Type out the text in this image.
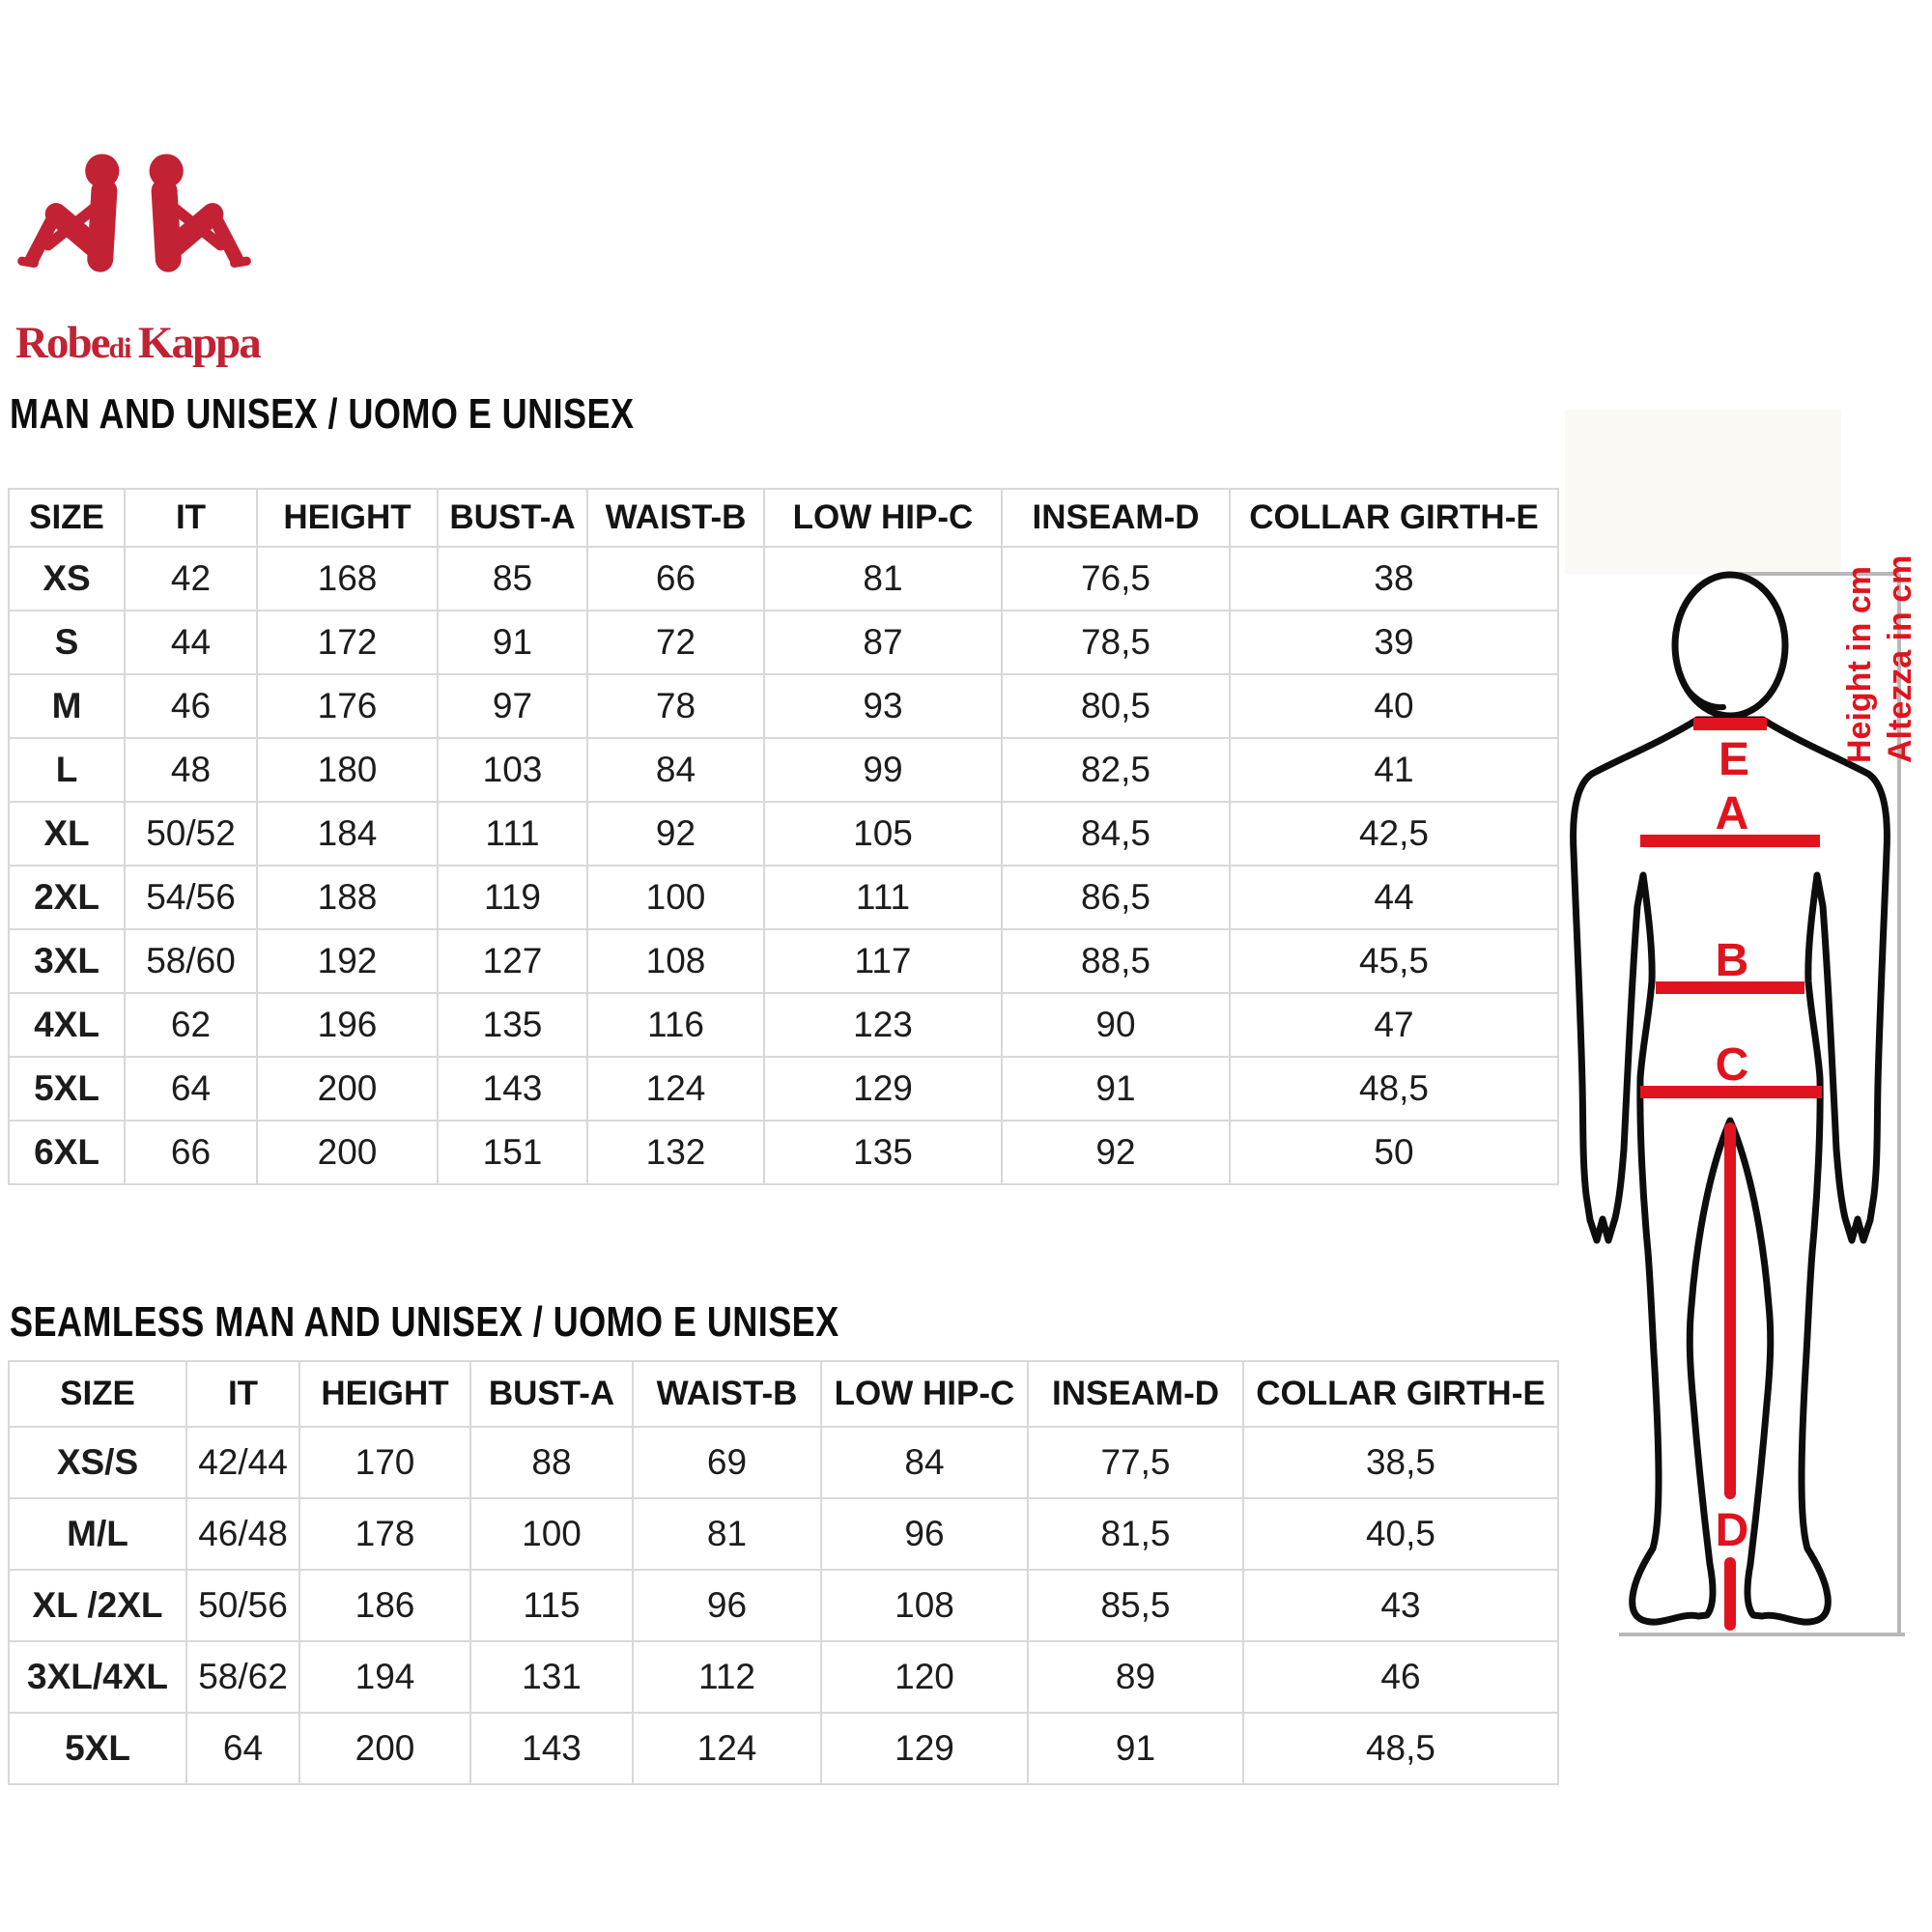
Robedi  Kappa
MAN AND UNISEX / UOMO E UNISEX
SEAMLESS MAN AND UNISEX / UOMO E UNISEX
SIZE	IT	HEIGHT	BUST-A	WAIST-B	LOW HIP-C	INSEAM-D	COLLAR GIRTH-E
XS	42	168	85	66	81	76,5	38
S	44	172	91	72	87	78,5	39
M	46	176	97	78	93	80,5	40
L	48	180	103	84	99	82,5	41
XL	50/52	184	111	92	105	84,5	42,5
2XL	54/56	188	119	100	111	86,5	44
3XL	58/60	192	127	108	117	88,5	45,5
4XL	62	196	135	116	123	90	47
5XL	64	200	143	124	129	91	48,5
6XL	66	200	151	132	135	92	50
SIZE	IT	HEIGHT	BUST-A	WAIST-B	LOW HIP-C	INSEAM-D	COLLAR GIRTH-E
XS/S	42/44	170	88	69	84	77,5	38,5
M/L	46/48	178	100	81	96	81,5	40,5
XL /2XL	50/56	186	115	96	108	85,5	43
3XL/4XL	58/62	194	131	112	120	89	46
5XL	64	200	143	124	129	91	48,5
E
A
B
C
D
Height in cm Altezza in cm
